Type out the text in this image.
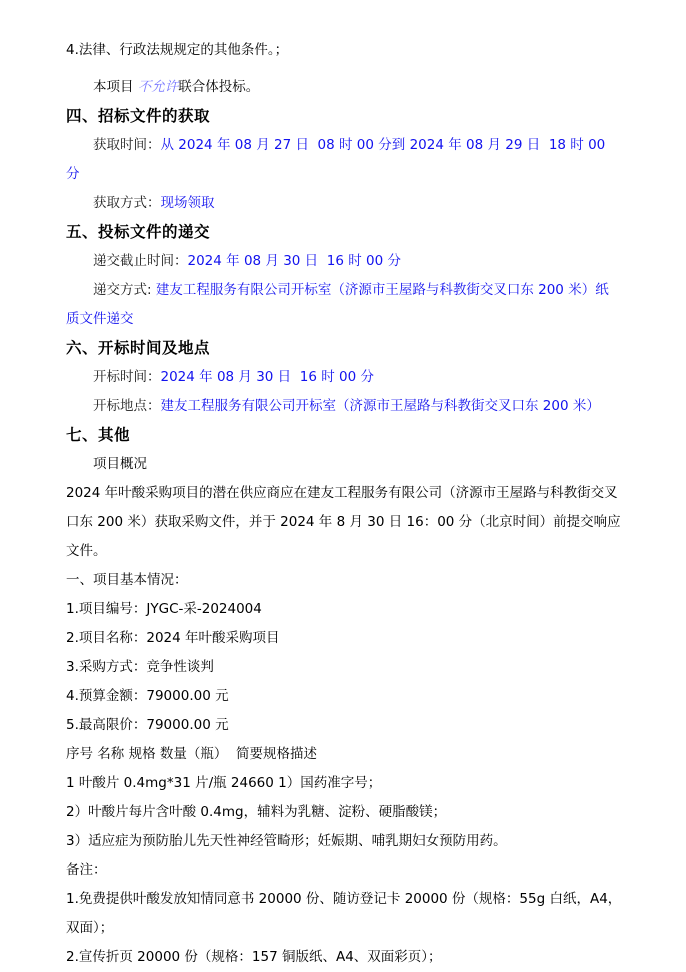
4.法律、行政法规规定的其他条件。；

本项目 不允许联合体投标。

四、招标文件的获取

获取时间：从 2024 年 08 月 27 日  08 时 00 分到 2024 年 08 月 29 日  18 时 00 分

获取方式：现场领取

五、投标文件的递交

递交截止时间：2024 年 08 月 30 日  16 时 00 分

递交方式: 建友工程服务有限公司开标室（济源市王屋路与科教街交叉口东 200 米）纸质文件递交

六、开标时间及地点

开标时间：2024 年 08 月 30 日  16 时 00 分

开标地点：建友工程服务有限公司开标室（济源市王屋路与科教街交叉口东 200 米）

七、其他

项目概况

2024 年叶酸采购项目的潜在供应商应在建友工程服务有限公司（济源市王屋路与科教街交叉口东 200 米）获取采购文件，并于 2024 年 8 月 30 日 16：00 分（北京时间）前提交响应文件。

一、项目基本情况：

1.项目编号：JYGC-采-2024004

2.项目名称：2024 年叶酸采购项目

3.采购方式：竞争性谈判

4.预算金额：79000.00 元

5.最高限价：79000.00 元

序号 名称 规格 数量（瓶）  简要规格描述

1 叶酸片 0.4mg*31 片/瓶 24660 1）国药准字号；

2）叶酸片每片含叶酸 0.4mg，辅料为乳糖、淀粉、硬脂酸镁；

3）适应症为预防胎儿先天性神经管畸形；妊娠期、哺乳期妇女预防用药。

备注：

1.免费提供叶酸发放知情同意书 20000 份、随访登记卡 20000 份（规格：55g 白纸，A4，双面）；

2.宣传折页 20000 份（规格：157 铜版纸、A4、双面彩页）；
